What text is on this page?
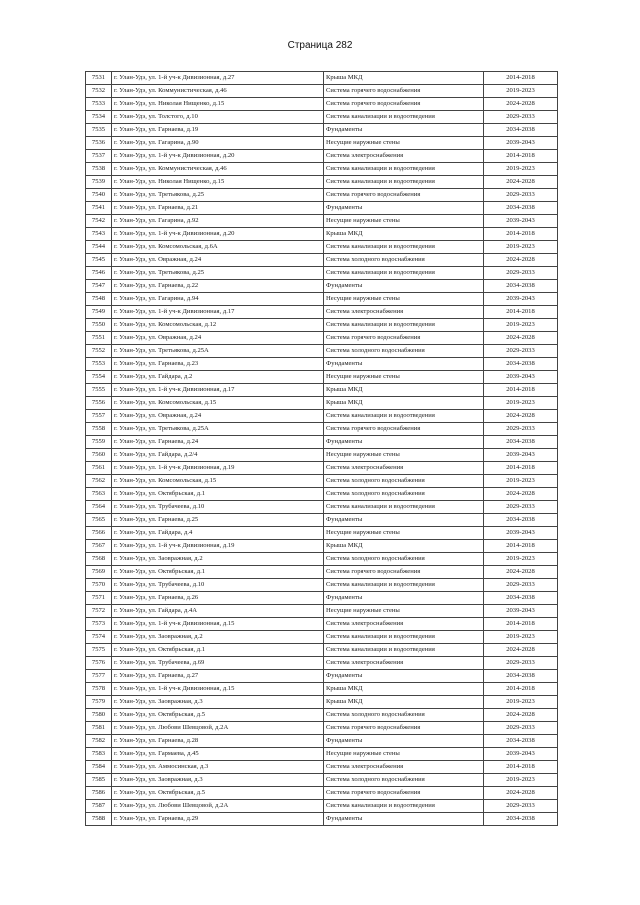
Страница 282
7531	г. Улан-Удэ, ул. 1-й уч-к Дивизионная, д.27	Крыша МКД	2014-2018
7532	г. Улан-Удэ, ул. Коммунистическая, д.46	Система горячего водоснабжения	2019-2023
7533	г. Улан-Удэ, ул. Николая Нищенко, д.15	Система горячего водоснабжения	2024-2028
7534	г. Улан-Удэ, ул. Толстого, д.10	Система канализации и водоотведения	2029-2033
7535	г. Улан-Удэ, ул. Гарнаева, д.19	Фундаменты	2034-2038
7536	г. Улан-Удэ, ул. Гагарина, д.90	Несущие наружные стены	2039-2043
7537	г. Улан-Удэ, ул. 1-й уч-к Дивизионная, д.20	Система электроснабжения	2014-2018
7538	г. Улан-Удэ, ул. Коммунистическая, д.46	Система канализации и водоотведения	2019-2023
7539	г. Улан-Удэ, ул. Николая Нищенко, д.15	Система канализации и водоотведения	2024-2028
7540	г. Улан-Удэ, ул. Третьякова, д.25	Система горячего водоснабжения	2029-2033
7541	г. Улан-Удэ, ул. Гарнаева, д.21	Фундаменты	2034-2038
7542	г. Улан-Удэ, ул. Гагарина, д.92	Несущие наружные стены	2039-2043
7543	г. Улан-Удэ, ул. 1-й уч-к Дивизионная, д.20	Крыша МКД	2014-2018
7544	г. Улан-Удэ, ул. Комсомольская, д.6А	Система канализации и водоотведения	2019-2023
7545	г. Улан-Удэ, ул. Овражная, д.24	Система холодного водоснабжения	2024-2028
7546	г. Улан-Удэ, ул. Третьякова, д.25	Система канализации и водоотведения	2029-2033
7547	г. Улан-Удэ, ул. Гарнаева, д.22	Фундаменты	2034-2038
7548	г. Улан-Удэ, ул. Гагарина, д.94	Несущие наружные стены	2039-2043
7549	г. Улан-Удэ, ул. 1-й уч-к Дивизионная, д.17	Система электроснабжения	2014-2018
7550	г. Улан-Удэ, ул. Комсомольская, д.12	Система канализации и водоотведения	2019-2023
7551	г. Улан-Удэ, ул. Овражная, д.24	Система горячего водоснабжения	2024-2028
7552	г. Улан-Удэ, ул. Третьякова, д.25А	Система холодного водоснабжения	2029-2033
7553	г. Улан-Удэ, ул. Гарнаева, д.23	Фундаменты	2034-2038
7554	г. Улан-Удэ, ул. Гайдара, д.2	Несущие наружные стены	2039-2043
7555	г. Улан-Удэ, ул. 1-й уч-к Дивизионная, д.17	Крыша МКД	2014-2018
7556	г. Улан-Удэ, ул. Комсомольская, д.15	Крыша МКД	2019-2023
7557	г. Улан-Удэ, ул. Овражная, д.24	Система канализации и водоотведения	2024-2028
7558	г. Улан-Удэ, ул. Третьякова, д.25А	Система горячего водоснабжения	2029-2033
7559	г. Улан-Удэ, ул. Гарнаева, д.24	Фундаменты	2034-2038
7560	г. Улан-Удэ, ул. Гайдара, д.2/4	Несущие наружные стены	2039-2043
7561	г. Улан-Удэ, ул. 1-й уч-к Дивизионная, д.19	Система электроснабжения	2014-2018
7562	г. Улан-Удэ, ул. Комсомольская, д.15	Система холодного водоснабжения	2019-2023
7563	г. Улан-Удэ, ул. Октябрьская, д.1	Система холодного водоснабжения	2024-2028
7564	г. Улан-Удэ, ул. Трубачеева, д.10	Система канализации и водоотведения	2029-2033
7565	г. Улан-Удэ, ул. Гарнаева, д.25	Фундаменты	2034-2038
7566	г. Улан-Удэ, ул. Гайдара, д.4	Несущие наружные стены	2039-2043
7567	г. Улан-Удэ, ул. 1-й уч-к Дивизионная, д.19	Крыша МКД	2014-2018
7568	г. Улан-Удэ, ул. Заовражная, д.2	Система холодного водоснабжения	2019-2023
7569	г. Улан-Удэ, ул. Октябрьская, д.1	Система горячего водоснабжения	2024-2028
7570	г. Улан-Удэ, ул. Трубачеева, д.10	Система канализации и водоотведения	2029-2033
7571	г. Улан-Удэ, ул. Гарнаева, д.26	Фундаменты	2034-2038
7572	г. Улан-Удэ, ул. Гайдара, д.4А	Несущие наружные стены	2039-2043
7573	г. Улан-Удэ, ул. 1-й уч-к Дивизионная, д.15	Система электроснабжения	2014-2018
7574	г. Улан-Удэ, ул. Заовражная, д.2	Система канализации и водоотведения	2019-2023
7575	г. Улан-Удэ, ул. Октябрьская, д.1	Система канализации и водоотведения	2024-2028
7576	г. Улан-Удэ, ул. Трубачеева, д.69	Система электроснабжения	2029-2033
7577	г. Улан-Удэ, ул. Гарнаева, д.27	Фундаменты	2034-2038
7578	г. Улан-Удэ, ул. 1-й уч-к Дивизионная, д.15	Крыша МКД	2014-2018
7579	г. Улан-Удэ, ул. Заовражная, д.3	Крыша МКД	2019-2023
7580	г. Улан-Удэ, ул. Октябрьская, д.5	Система холодного водоснабжения	2024-2028
7581	г. Улан-Удэ, ул. Любови Шевцовой, д.2А	Система горячего водоснабжения	2029-2033
7582	г. Улан-Удэ, ул. Гарнаева, д.28	Фундаменты	2034-2038
7583	г. Улан-Удэ, ул. Гармаева, д.45	Несущие наружные стены	2039-2043
7584	г. Улан-Удэ, ул. Аммосинская, д.3	Система электроснабжения	2014-2018
7585	г. Улан-Удэ, ул. Заовражная, д.3	Система холодного водоснабжения	2019-2023
7586	г. Улан-Удэ, ул. Октябрьская, д.5	Система горячего водоснабжения	2024-2028
7587	г. Улан-Удэ, ул. Любови Шевцовой, д.2А	Система канализации и водоотведения	2029-2033
7588	г. Улан-Удэ, ул. Гарнаева, д.29	Фундаменты	2034-2038
